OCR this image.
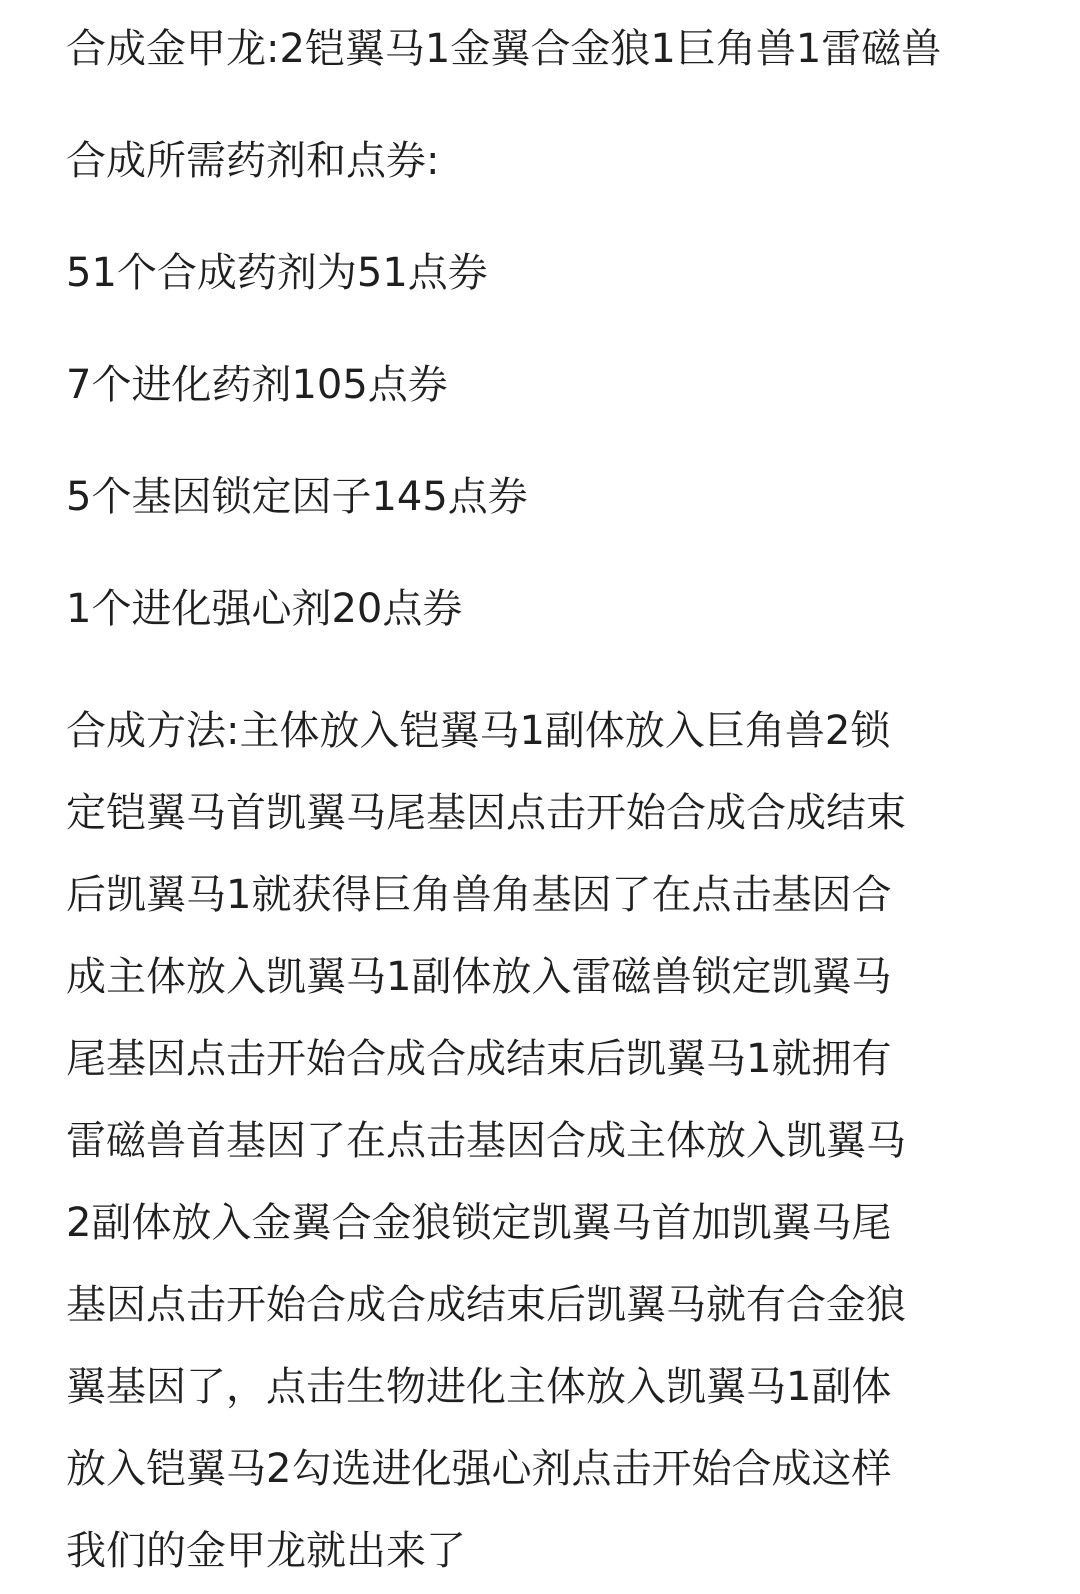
合成金甲龙:2铠翼马1金翼合金狼1巨角兽1雷磁兽

合成所需药剂和点券:

51个合成药剂为51点券

7个进化药剂105点券

5个基因锁定因子145点券

1个进化强心剂20点券

合成方法:主体放入铠翼马1副体放入巨角兽2锁
定铠翼马首凯翼马尾基因点击开始合成合成结束
后凯翼马1就获得巨角兽角基因了在点击基因合
成主体放入凯翼马1副体放入雷磁兽锁定凯翼马
尾基因点击开始合成合成结束后凯翼马1就拥有
雷磁兽首基因了在点击基因合成主体放入凯翼马
2副体放入金翼合金狼锁定凯翼马首加凯翼马尾
基因点击开始合成合成结束后凯翼马就有合金狼
翼基因了，点击生物进化主体放入凯翼马1副体
放入铠翼马2勾选进化强心剂点击开始合成这样
我们的金甲龙就出来了
